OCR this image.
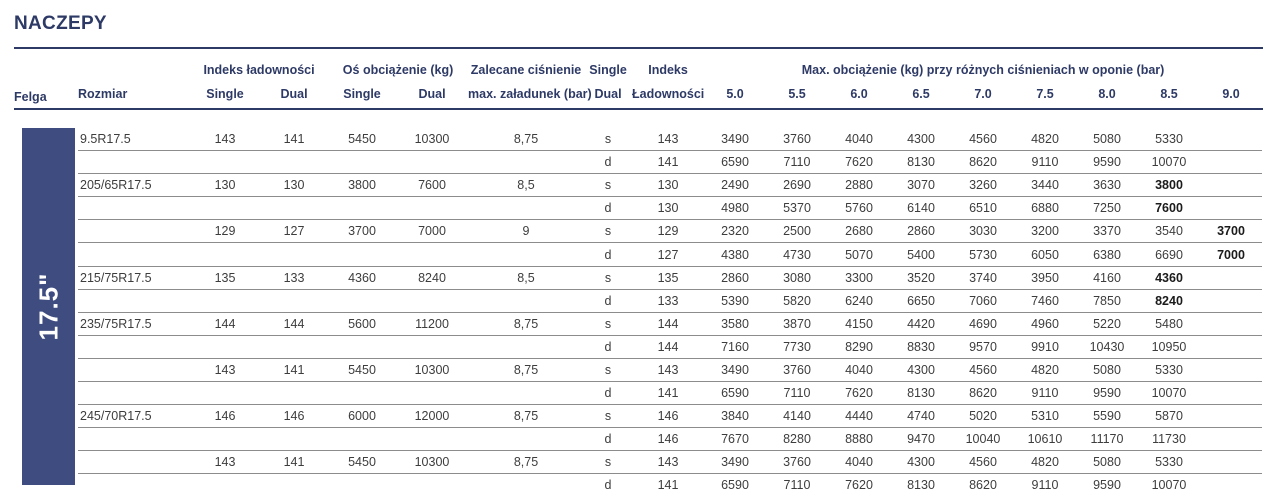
NACZEPY
Felga
	Indeks ładowności		Oś obciążenie (kg)		Zalecane ciśnienie	Single	Indeks	Max. obciążenie (kg) przy różnych ciśnieniach w oponie (bar)								
Rozmiar	Single	Dual	Single	Dual	max. załadunek (bar)	Dual	Ładowności	5.0	5.5	6.0	6.5	7.0	7.5	8.0	8.5	9.0
17.5"
9.5R17.5	143	141	5450	10300	8,75	s	143	3490	3760	4040	4300	4560	4820	5080	5330	
						d	141	6590	7110	7620	8130	8620	9110	9590	10070	
205/65R17.5	130	130	3800	7600	8,5	s	130	2490	2690	2880	3070	3260	3440	3630	3800	
						d	130	4980	5370	5760	6140	6510	6880	7250	7600	
	129	127	3700	7000	9	s	129	2320	2500	2680	2860	3030	3200	3370	3540	3700
						d	127	4380	4730	5070	5400	5730	6050	6380	6690	7000
215/75R17.5	135	133	4360	8240	8,5	s	135	2860	3080	3300	3520	3740	3950	4160	4360	
						d	133	5390	5820	6240	6650	7060	7460	7850	8240	
235/75R17.5	144	144	5600	11200	8,75	s	144	3580	3870	4150	4420	4690	4960	5220	5480	
						d	144	7160	7730	8290	8830	9570	9910	10430	10950	
	143	141	5450	10300	8,75	s	143	3490	3760	4040	4300	4560	4820	5080	5330	
						d	141	6590	7110	7620	8130	8620	9110	9590	10070	
245/70R17.5	146	146	6000	12000	8,75	s	146	3840	4140	4440	4740	5020	5310	5590	5870	
						d	146	7670	8280	8880	9470	10040	10610	11170	11730	
	143	141	5450	10300	8,75	s	143	3490	3760	4040	4300	4560	4820	5080	5330	
						d	141	6590	7110	7620	8130	8620	9110	9590	10070	
